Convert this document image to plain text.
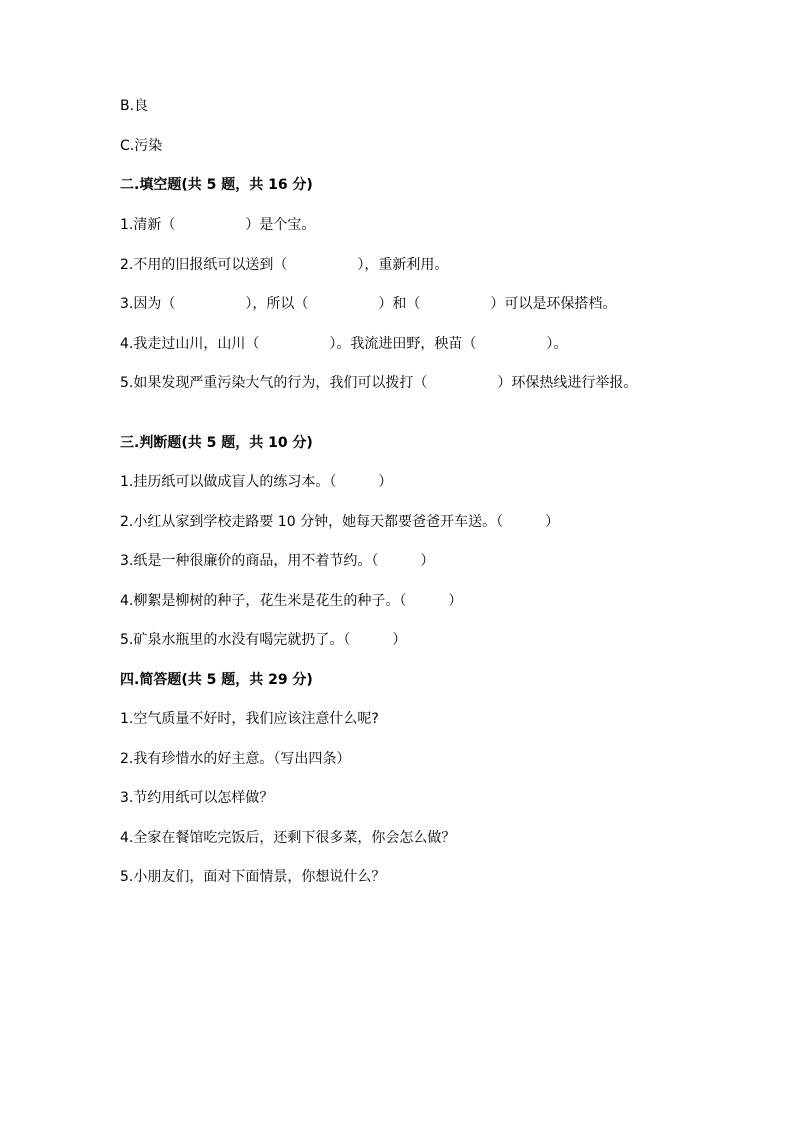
B.良
C.污染
二.填空题(共 5 题，共 16 分)
1.清新（　　　　　）是个宝。
2.不用的旧报纸可以送到（　　　　　），重新利用。
3.因为（　　　　　），所以（　　　　　）和（　　　　　）可以是环保搭档。
4.我走过山川，山川（　　　　　）。我流进田野，秧苗（　　　　　）。
5.如果发现严重污染大气的行为，我们可以拨打（　　　　　）环保热线进行举报。
三.判断题(共 5 题，共 10 分)
1.挂历纸可以做成盲人的练习本。（　　　）
2.小红从家到学校走路要 10 分钟，她每天都要爸爸开车送。（　　　）
3.纸是一种很廉价的商品，用不着节约。（　　　）
4.柳絮是柳树的种子，花生米是花生的种子。（　　　）
5.矿泉水瓶里的水没有喝完就扔了。（　　　）
四.简答题(共 5 题，共 29 分)
1.空气质量不好时，我们应该注意什么呢?
2.我有珍惜水的好主意。（写出四条）
3.节约用纸可以怎样做？
4.全家在餐馆吃完饭后，还剩下很多菜，你会怎么做？
5.小朋友们，面对下面情景，你想说什么？
